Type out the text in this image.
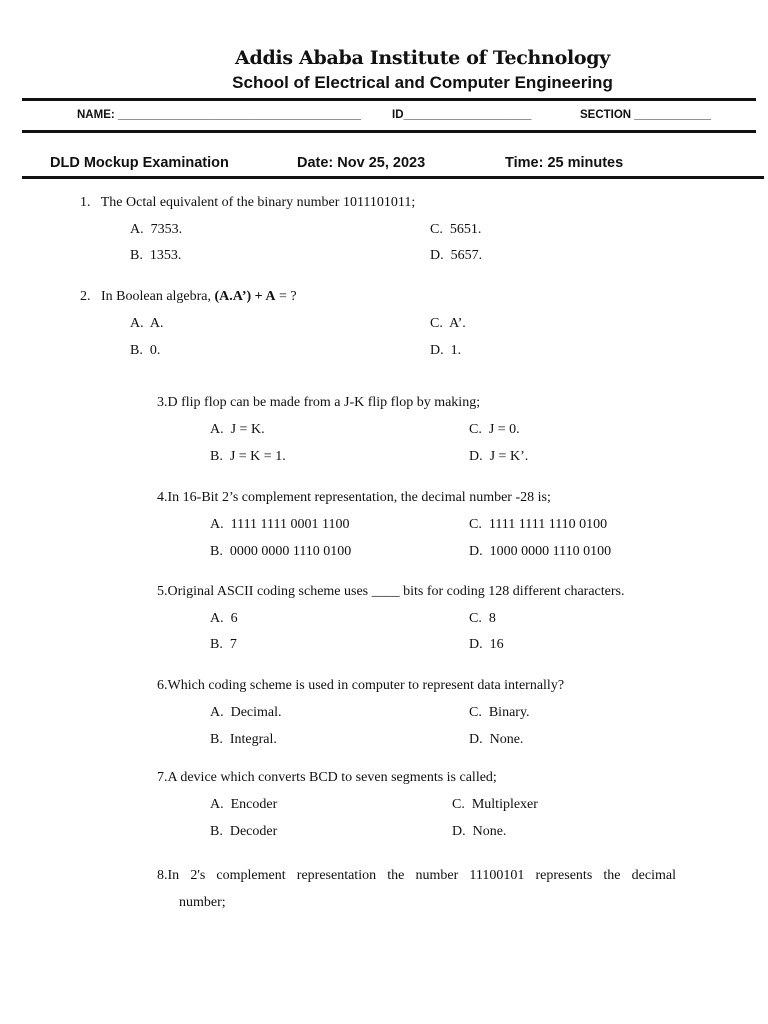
Addis Ababa Institute of Technology
School of Electrical and Computer Engineering
NAME: ______________________________________	ID____________________	SECTION ____________
DLD Mockup Examination	Date: Nov 25, 2023	Time: 25 minutes
1.   The Octal equivalent of the binary number 1011101011;
A.  7353.	C.  5651.
B.  1353.	D.  5657.
2.   In Boolean algebra, (A.A’) + A = ?
A.  A.	C.  A’.
B.  0.	D.  1.
3.D flip flop can be made from a J-K flip flop by making;
A.  J = K.	C.  J = 0.
B.  J = K = 1.	D.  J = K’.
4.In 16-Bit 2’s complement representation, the decimal number -28 is;
A.  1111 1111 0001 1100	C.  1111 1111 1110 0100
B.  0000 0000 1110 0100	D.  1000 0000 1110 0100
5.Original ASCII coding scheme uses ____ bits for coding 128 different characters.
A.  6	C.  8
B.  7	D.  16
6.Which coding scheme is used in computer to represent data internally?
A.  Decimal.	C.  Binary.
B.  Integral.	D.  None.
7.A device which converts BCD to seven segments is called;
A.  Encoder	C.  Multiplexer
B.  Decoder	D.  None.
8.In 2's complement representation the number 11100101 represents the decimal
number;
